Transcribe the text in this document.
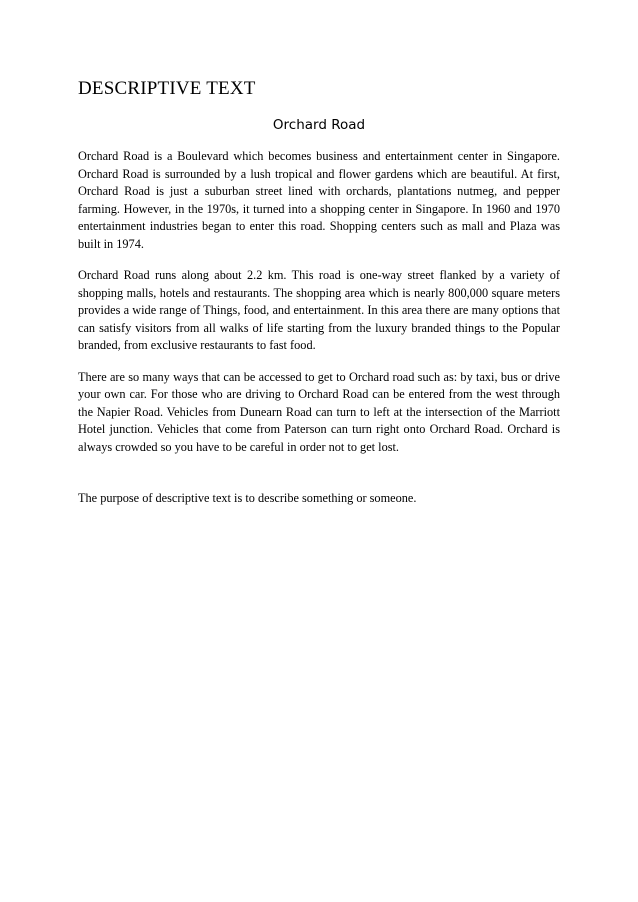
DESCRIPTIVE TEXT
Orchard Road

Orchard Road is a Boulevard which becomes business and entertainment center in Singapore. Orchard Road is surrounded by a lush tropical and flower gardens which are beautiful. At first, Orchard Road is just a suburban street lined with orchards, plantations nutmeg, and pepper farming. However, in the 1970s, it turned into a shopping center in Singapore. In 1960 and 1970 entertainment industries began to enter this road. Shopping centers such as mall and Plaza was built in 1974.

Orchard Road runs along about 2.2 km. This road is one-way street flanked by a variety of shopping malls, hotels and restaurants. The shopping area which is nearly 800,000 square meters provides a wide range of Things, food, and entertainment. In this area there are many options that can satisfy visitors from all walks of life starting from the luxury branded things to the Popular branded, from exclusive restaurants to fast food.

There are so many ways that can be accessed to get to Orchard road such as: by taxi, bus or drive your own car. For those who are driving to Orchard Road can be entered from the west through the Napier Road. Vehicles from Dunearn Road can turn to left at the intersection of the Marriott Hotel junction. Vehicles that come from Paterson can turn right onto Orchard Road. Orchard is always crowded so you have to be careful in order not to get lost.

The purpose of descriptive text is to describe something or someone.
